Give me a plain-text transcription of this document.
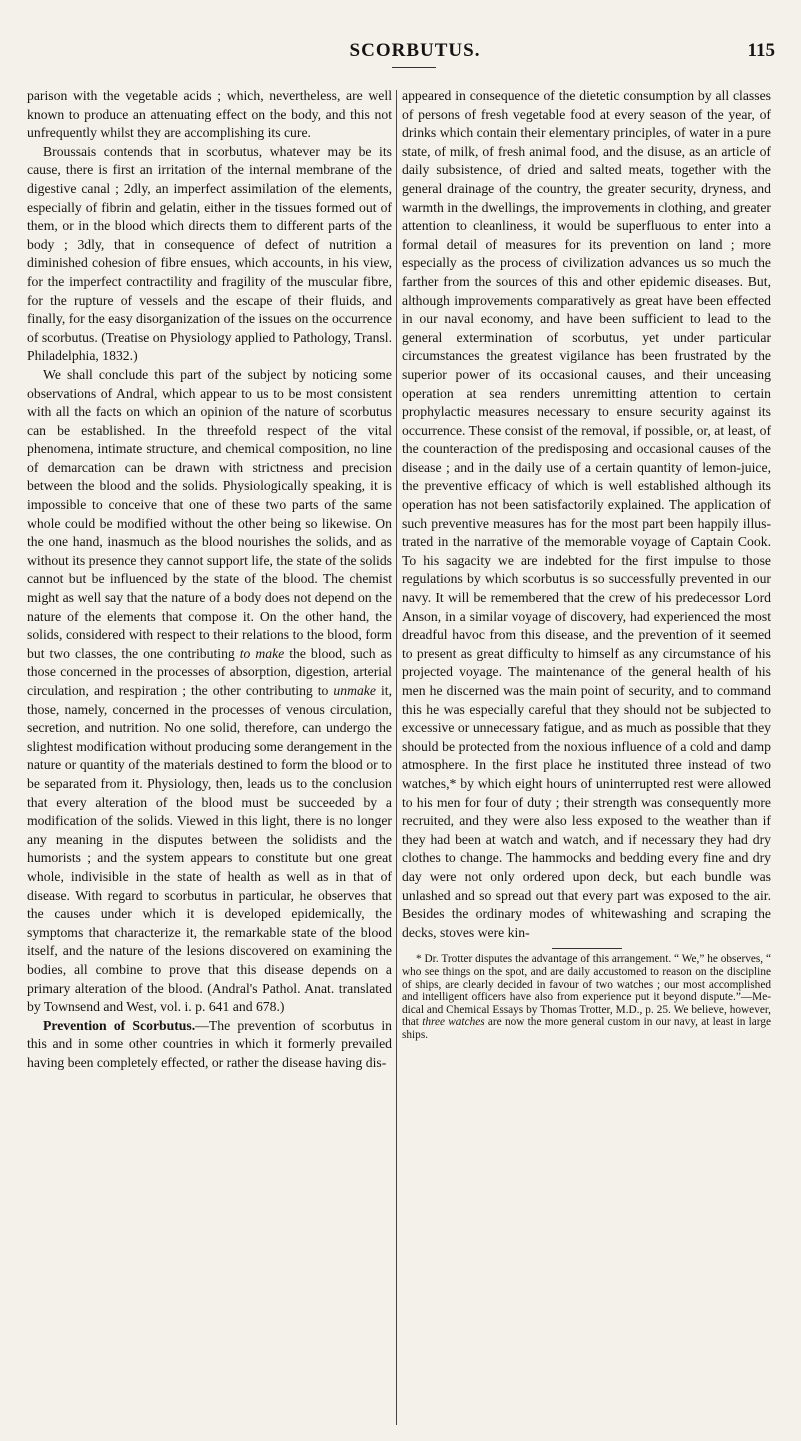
SCORBUTUS.	115

parison with the vegetable acids ; which, nevertheless, are well known to produce an attenuating effect on the body, and this not unfrequently whilst they are accomplishing its cure.

Broussais contends that in scorbutus, whatever may be its cause, there is first an irritation of the internal membrane of the digestive canal ; 2dly, an imperfect assimilation of the elements, especially of fibrin and gelatin, either in the tissues formed out of them, or in the blood which directs them to different parts of the body ; 3dly, that in consequence of defect of nutrition a diminished cohesion of fibre ensues, which accounts, in his view, for the imperfect contractility and fragility of the muscular fibre, for the rupture of vessels and the escape of their fluids, and finally, for the easy disorganization of the issues on the occurrence of scorbutus. (Treatise on Physiology applied to Pathology, Transl. Philadelphia, 1832.)

We shall conclude this part of the subject by noticing some observations of Andral, which appear to us to be most consistent with all the facts on which an opinion of the nature of scorbutus can be established. In the threefold respect of the vital phenomena, intimate structure, and chemical composition, no line of demarcation can be drawn with strictness and precision between the blood and the solids. Physiologically speaking, it is impossible to conceive that one of these two parts of the same whole could be modified without the other being so likewise. On the one hand, inasmuch as the blood nourishes the solids, and as without its presence they cannot support life, the state of the solids cannot but be influenced by the state of the blood. The chemist might as well say that the nature of a body does not depend on the nature of the elements that compose it. On the other hand, the solids, considered with respect to their relations to the blood, form but two classes, the one contributing to make the blood, such as those concerned in the processes of absorption, digestion, arterial circulation, and respiration ; the other contributing to unmake it, those, namely, concerned in the processes of venous circulation, secretion, and nutrition. No one solid, therefore, can undergo the slightest modification without producing some derangement in the nature or quantity of the materials destined to form the blood or to be separated from it. Physiology, then, leads us to the conclusion that every alteration of the blood must be succeeded by a modification of the solids. Viewed in this light, there is no longer any meaning in the disputes between the solidists and the humorists ; and the system appears to constitute but one great whole, indivisible in the state of health as well as in that of disease. With regard to scorbutus in particular, he observes that the causes under which it is developed epidemically, the symptoms that characterize it, the remarkable state of the blood itself, and the nature of the lesions discovered on examining the bodies, all combine to prove that this disease depends on a primary alteration of the blood. (Andral's Pathol. Anat. translated by Townsend and West, vol. i. p. 641 and 678.)

Prevention of Scorbutus.—The prevention of scorbutus in this and in some other countries in which it formerly prevailed having been completely effected, or rather the disease having dis-

appeared in consequence of the dietetic consumption by all classes of persons of fresh vegetable food at every season of the year, of drinks which contain their elementary principles, of water in a pure state, of milk, of fresh animal food, and the disuse, as an article of daily subsistence, of dried and salted meats, together with the general drainage of the country, the greater security, dryness, and warmth in the dwellings, the improvements in clothing, and greater attention to cleanliness, it would be superfluous to enter into a formal detail of measures for its prevention on land ; more especially as the process of civilization advances us so much the farther from the sources of this and other epidemic diseases. But, although improvements comparatively as great have been effected in our naval economy, and have been sufficient to lead to the general extermination of scorbutus, yet under particular circumstances the greatest vigilance has been frustrated by the superior power of its occasional causes, and their unceasing operation at sea renders unremitting attention to certain prophylactic measures necessary to ensure security against its occurrence. These consist of the removal, if possible, or, at least, of the counteraction of the predisposing and occasional causes of the disease ; and in the daily use of a certain quantity of lemon-juice, the preventive efficacy of which is well established although its operation has not been satisfactorily explained. The application of such preventive measures has for the most part been happily illustrated in the narrative of the memorable voyage of Captain Cook. To his sagacity we are indebted for the first impulse to those regulations by which scorbutus is so successfully prevented in our navy. It will be remembered that the crew of his predecessor Lord Anson, in a similar voyage of discovery, had experienced the most dreadful havoc from this disease, and the prevention of it seemed to present as great difficulty to himself as any circumstance of his projected voyage. The maintenance of the general health of his men he discerned was the main point of security, and to command this he was especially careful that they should not be subjected to excessive or unnecessary fatigue, and as much as possible that they should be protected from the noxious influence of a cold and damp atmosphere. In the first place he instituted three instead of two watches,* by which eight hours of uninterrupted rest were allowed to his men for four of duty ; their strength was consequently more recruited, and they were also less exposed to the weather than if they had been at watch and watch, and if necessary they had dry clothes to change. The hammocks and bedding every fine and dry day were not only ordered upon deck, but each bundle was unlashed and so spread out that every part was exposed to the air. Besides the ordinary modes of whitewashing and scraping the decks, stoves were kin-

* Dr. Trotter disputes the advantage of this arrangement. “ We,” he observes, “ who see things on the spot, and are daily accustomed to reason on the discipline of ships, are clearly decided in favour of two watches ; our most accomplished and intelligent officers have also from experience put it beyond dispute.”—Medical and Chemical Essays by Thomas Trotter, M.D., p. 25. We believe, however, that three watches are now the more general custom in our navy, at least in large ships.
